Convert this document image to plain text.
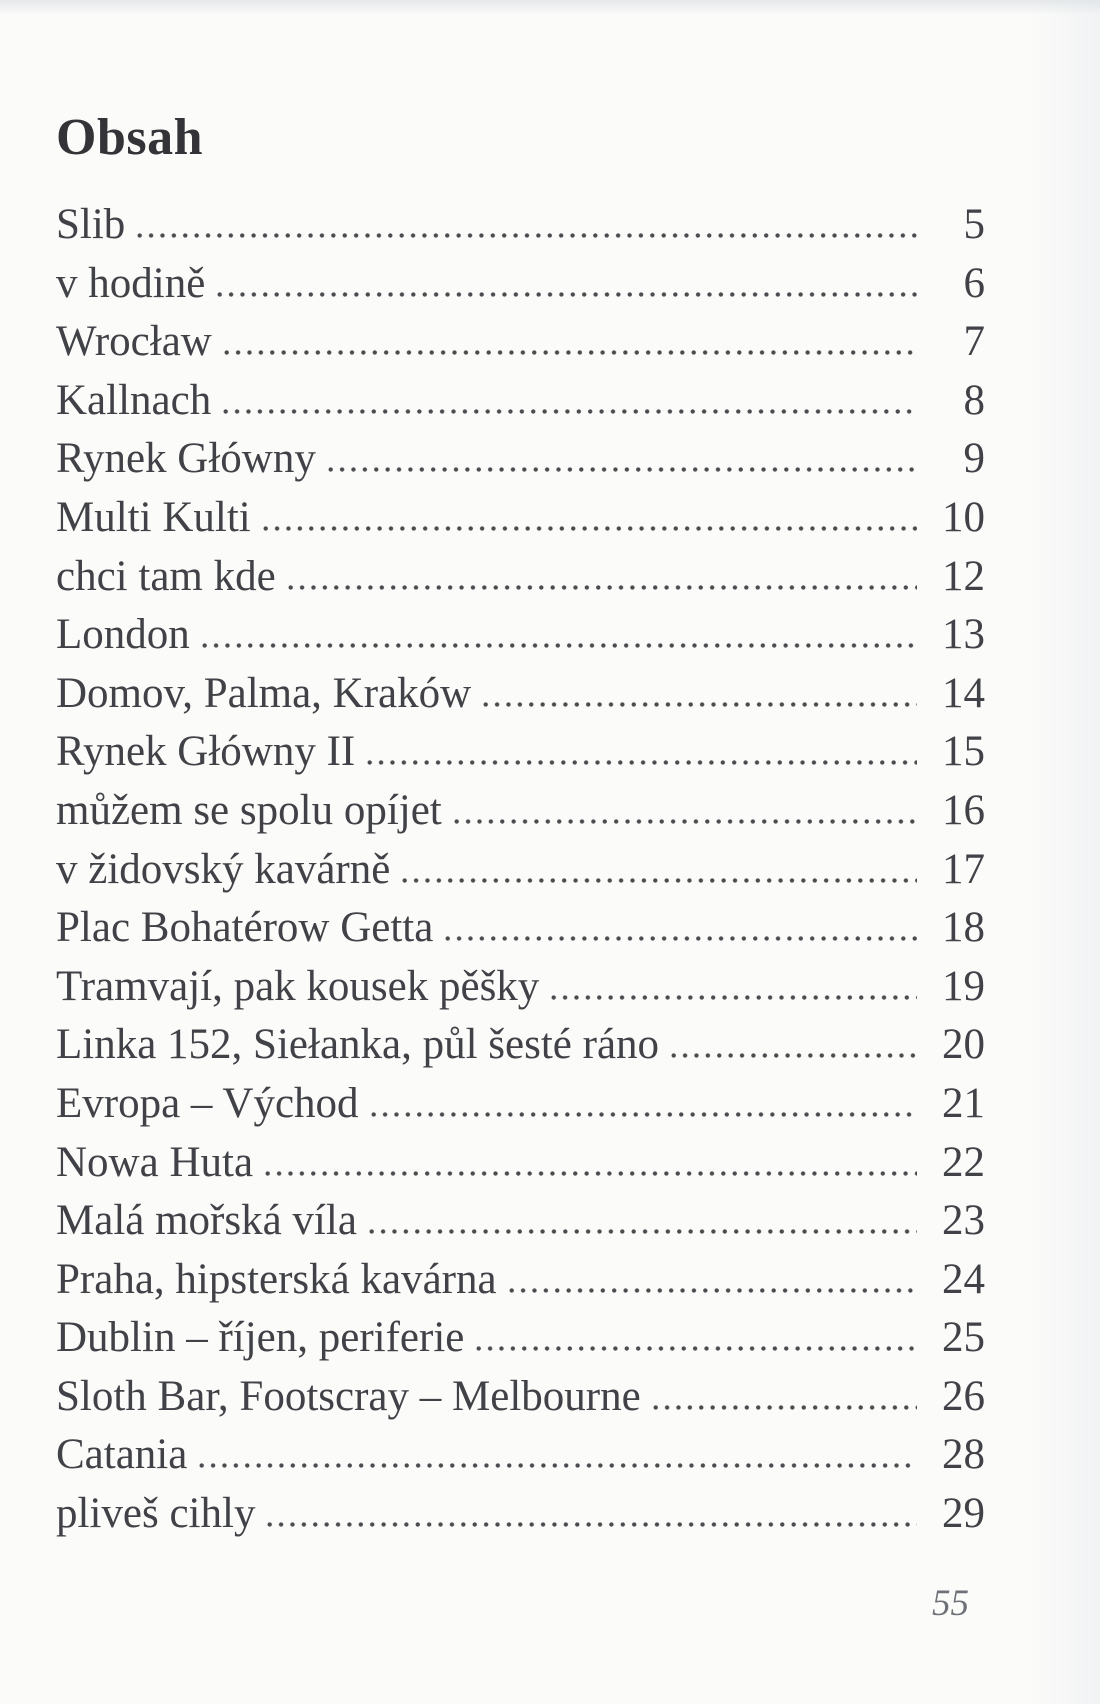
Obsah
Slib	5
v hodině	6
Wrocław	7
Kallnach	8
Rynek Główny	9
Multi Kulti	10
chci tam kde	12
London	13
Domov, Palma, Kraków	14
Rynek Główny II	15
můžem se spolu opíjet	16
v židovský kavárně	17
Plac Bohatérow Getta	18
Tramvají, pak kousek pěšky	19
Linka 152, Siełanka, půl šesté ráno	20
Evropa – Východ	21
Nowa Huta	22
Malá mořská víla	23
Praha, hipsterská kavárna	24
Dublin – říjen, periferie	25
Sloth Bar, Footscray – Melbourne	26
Catania	28
pliveš cihly	29
55
